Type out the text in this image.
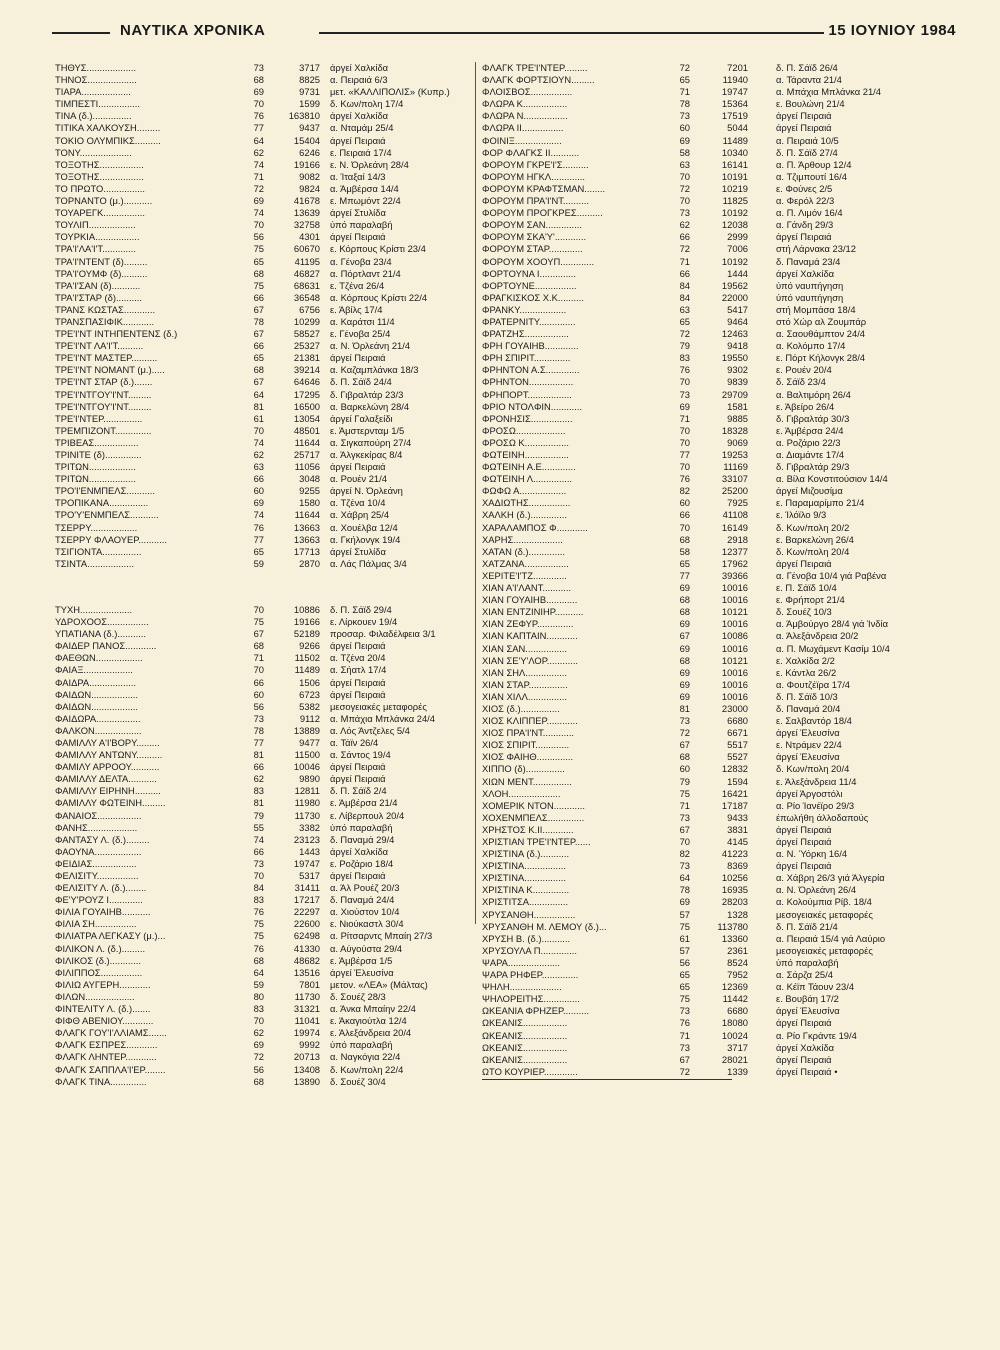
ΝΑΥΤΙΚΑ ΧΡΟΝΙΚΑ	15 ΙΟΥΝΙΟΥ 1984
ΤΗΘΥΣ...................	73	3717	άργεί Χαλκίδα
ΤΗΝΟΣ...................	68	8825	α. Πειραιά 6/3
ΤΙΑΡΑ...................	69	9731	μετ. «ΚΑΛΛΙΠΟΛΙΣ» (Κυπρ.)
ΤΙΜΠΕΣΤΙ................	70	1599	δ. Κων/πολη 17/4
ΤΙΝΑ (δ.)...............	76	163810	άργεί Χαλκίδα
ΤΙΤΙΚΑ ΧΑΛΚΟΥΣΗ.........	77	9437	α. Νταμάμ 25/4
ΤΟΚΙΟ ΟΛΥΜΠΙΚΣ..........	64	15404	άργεί Πειραιά
ΤΟΝΥ....................	62	6246	ε. Πειραιά 17/4
ΤΟΞΟΤΗΣ.................	74	19166	ε. Ν. Όρλεάνη 28/4
ΤΟΞΟΤΗΣ.................	71	9082	α. Ίταξαί 14/3
ΤΟ ΠΡΩΤΟ................	72	9824	α. Άμβέρσα 14/4
ΤΟΡΝΑΝΤΟ (μ.)...........	69	41678	ε. Μπωμόντ 22/4
ΤΟΥΑΡΕΓΚ................	74	13639	άργεί Στυλίδα
ΤΟΥΛΙΠ..................	70	32758	ύπό παραλαβή
ΤΟΥΡΚΙΑ.................	56	4301	άργεί Πειραιά
ΤΡΑ'Ι'ΛΑ'Ι'Τ.............	75	60670	ε. Κόρπους Κρίστι 23/4
ΤΡΑ'Ι'ΝΤΕΝΤ (δ).........	65	41195	α. Γένοβα 23/4
ΤΡΑ'Ι'ΟΥΜΦ (δ)..........	68	46827	α. Πόρτλαντ 21/4
ΤΡΑ'Ι'ΣΑΝ (δ)...........	75	68631	ε. Τζένα 26/4
ΤΡΑ'Ι'ΣΤΑΡ (δ)..........	66	36548	α. Κόρπους Κρίστι 22/4
ΤΡΑΝΣ ΚΩΣΤΑΣ............	67	6756	ε. Άβίλς 17/4
ΤΡΑΝΣΠΑΣΙΦΙΚ............	78	10299	α. Καράτσι 11/4
ΤΡΕ'Ι'ΝΤ ΙΝΤΗΠΕΝΤΕΝΣ (δ.)	67	58527	ε. Γένοβα 25/4
ΤΡΕ'Ι'ΝΤ ΛΑ'Ι'Τ..........	66	25327	α. Ν. Όρλεάνη 21/4
ΤΡΕ'Ι'ΝΤ ΜΑΣΤΕΡ..........	65	21381	άργεί Πειραιά
ΤΡΕ'Ι'ΝΤ ΝΟΜΑΝΤ (μ.).....	68	39214	α. Καζαμπλάνκα 18/3
ΤΡΕ'Ι'ΝΤ ΣΤΑΡ (δ.).......	67	64646	δ. Π. Σάϊδ 24/4
ΤΡΕ'Ι'ΝΤΓΟΥ'Ι'ΝΤ.........	64	17295	δ. Γιβραλτάρ 23/3
ΤΡΕ'Ι'ΝΤΓΟΥ'Ι'ΝΤ.........	81	16500	α. Βαρκελώνη 28/4
ΤΡΕ'Ι'ΝΤΕΡ...............	61	13054	άργεί Γαλαξείδι
ΤΡΕΜΠΙΖΟΝΤ..............	70	48501	ε. Άμστερνταμ 1/5
ΤΡΙΒΕΑΣ.................	74	11644	α. Σιγκαπούρη 27/4
ΤΡΙΝΙΤΕ (δ)..............	62	25717	α. Άλγκεκίρας 8/4
ΤΡΙΤΩΝ..................	63	11056	άργεί Πειραιά
ΤΡΙΤΩΝ..................	66	3048	α. Ρουέν 21/4
ΤΡΟ'Ι'ΕΝΜΠΕΛΣ...........	60	9255	άργεί Ν. Όρλεάνη
ΤΡΟΠΙΚΑΝΑ...............	69	1580	α. Τζένα 10/4
ΤΡΟ'Υ'ΕΝΜΠΕΛΣ...........	74	11644	α. Χάβρη 25/4
ΤΣΕΡΡΥ..................	76	13663	α. Χουέλβα 12/4
ΤΣΕΡΡΥ ΦΛΑΟΥΕΡ...........	77	13663	α. Γκήλονγκ 19/4
ΤΣΙΓΙΟΝΤΑ...............	65	17713	άργεί Στυλίδα
ΤΣΙΝΤΑ..................	59	2870	α. Λάς Πάλμας 3/4
ΤΥΧΗ....................	70	10886	δ. Π. Σάϊδ 29/4
ΥΔΡΟΧΟΟΣ................	75	19166	ε. Λίρκουεν 19/4
ΥΠΑΤΙΑΝΑ (δ.)...........	67	52189	προσαρ. Φιλαδέλφεια 3/1
ΦΑΙΔΕΡ ΠΑΝΟΣ............	68	9266	άργεί Πειραιά
ΦΑΕΘΩΝ..................	71	11502	α. Τζένα 20/4
ΦΑΙΑΞ...................	70	11489	α. Σήατλ 17/4
ΦΑΙΔΡΑ..................	66	1506	άργεί Πειραιά
ΦΑΙΔΩΝ..................	60	6723	άργεί Πειραιά
ΦΑΙΔΩΝ..................	56	5382	μεσογειακές μεταφορές
ΦΑΙΔΩΡΑ.................	73	9112	α. Μπάχια Μπλάνκα 24/4
ΦΑΛΚΟΝ..................	78	13889	α. Λός Άντζελες 5/4
ΦΑΜΙΛΛΥ Α'Ι'ΒΟΡΥ.........	77	9477	α. Τάϊν 26/4
ΦΑΜΙΛΛΥ ΑΝΤΩΝΥ..........	81	11500	α. Σάντος 19/4
ΦΑΜΙΛΥ ΑΡΡΟΟΥ...........	66	10046	άργεί Πειραιά
ΦΑΜΙΛΛΥ ΔΕΛΤΑ...........	62	9890	άργεί Πειραιά
ΦΑΜΙΛΛΥ ΕΙΡΗΝΗ..........	83	12811	δ. Π. Σάϊδ 2/4
ΦΑΜΙΛΛΥ ΦΩΤΕΙΝΗ.........	81	11980	ε. Άμβέρσα 21/4
ΦΑΝΑΙΟΣ.................	79	11730	ε. Λίβερπουλ 20/4
ΦΑΝΗΣ...................	55	3382	ύπό παραλαβή
ΦΑΝΤΑΣΥ Λ. (δ.).........	74	23123	δ. Παναμά 29/4
ΦΑΟΥΝΑ..................	66	1443	άργεί Χαλκίδα
ΦΕΙΔΙΑΣ.................	73	19747	ε. Ροζάριο 18/4
ΦΕΛΙΣΙΤΥ................	70	5317	άργεί Πειραιά
ΦΕΛΙΣΙΤΥ Λ. (δ.)........	84	31411	α. Άλ Ρουέζ 20/3
ΦΕ'Υ'ΡΟΥΖ Ι.............	83	17217	δ. Παναμά 24/4
ΦΙΛΙΑ ΓΟΥΑΙΗΒ...........	76	22297	α. Χιούστον 10/4
ΦΙΛΙΑ ΣΗ................	75	22600	ε. Νιούκαστλ 30/4
ΦΙΛΙΑΤΡΑ ΛΕΓΚΑΣΥ (μ.)...	75	62498	α. Ρίτσαρντς Μπαίη 27/3
ΦΙΛΙΚΟΝ Λ. (δ.).........	76	41330	α. Αύγούστα 29/4
ΦΙΛΙΚΟΣ (δ.)............	68	48682	ε. Άμβέρσα 1/5
ΦΙΛΙΠΠΟΣ................	64	13516	άργεί Έλευσίνα
ΦΙΛΙΩ ΑΥΓΕΡΗ............	59	7801	μετον. «ΛΕΑ» (Μάλτας)
ΦΙΛΩΝ...................	80	11730	δ. Σουέζ 28/3
ΦΙΝΤΕΛΙΤΥ Λ. (δ.).......	83	31321	α. Άνκα Μπαίην 22/4
ΦΙΦΘ ΑΒΕΝΙΟΥ............	70	11041	ε. Άκαγιούτλα 12/4
ΦΛΑΓΚ ΓΟΥ'Ι'ΛΛΙΑΜΣ.......	62	19974	ε. Άλεξάνδρεια 20/4
ΦΛΑΓΚ ΕΣΠΡΕΣ............	69	9992	ύπό παραλαβή
ΦΛΑΓΚ ΛΗΝΤΕΡ............	72	20713	α. Ναγκόγια 22/4
ΦΛΑΓΚ ΣΑΠΠΛΑ'Ι'ΕΡ........	56	13408	δ. Κων/πολη 22/4
ΦΛΑΓΚ ΤΙΝΑ..............	68	13890	δ. Σουέζ 30/4
ΦΛΑΓΚ ΤΡΕ'Ι'ΝΤΕΡ.........	72	7201	δ. Π. Σάϊδ 26/4
ΦΛΑΓΚ ΦΟΡΤΣΙΟΥΝ.........	65	11940	α. Τάραντα 21/4
ΦΛΟΙΣΒΟΣ................	71	19747	α. Μπάχια Μπλάνκα 21/4
ΦΛΩΡΑ Κ.................	78	15364	ε. Βουλώνη 21/4
ΦΛΩΡΑ Ν.................	73	17519	άργεί Πειραιά
ΦΛΩΡΑ ΙΙ................	60	5044	άργεί Πειραιά
ΦΟΙΝΙΞ..................	69	11489	α. Πειραιά 10/5
ΦΟΡ ΦΛΑΓΚΣ ΙΙ...........	58	10340	δ. Π. Σάϊδ 27/4
ΦΟΡΟΥΜ ΓΚΡΕ'Ι'Σ..........	63	16141	α. Π. Άρθουρ 12/4
ΦΟΡΟΥΜ ΗΓΚΛ.............	70	10191	α. Τζιμπουτί 16/4
ΦΟΡΟΥΜ ΚΡΑΦΤΣΜΑΝ........	72	10219	ε. Φούνες 2/5
ΦΟΡΟΥΜ ΠΡΑ'Ι'ΝΤ..........	70	11825	α. Φερόλ 22/3
ΦΟΡΟΥΜ ΠΡΟΓΚΡΕΣ..........	73	10192	α. Π. Λιμόν 16/4
ΦΟΡΟΥΜ ΣΑΝ..............	62	12038	α. Γάνδη 29/3
ΦΟΡΟΥΜ ΣΚΑ'Υ'............	66	2999	άργεί Πειραιά
ΦΟΡΟΥΜ ΣΤΑΡ.............	72	7006	στή Λάρνακα 23/12
ΦΟΡΟΥΜ ΧΟΟΥΠ.............	71	10192	δ. Παναμά 23/4
ΦΟΡΤΟΥΝΑ Ι..............	66	1444	άργεί Χαλκίδα
ΦΟΡΤΟΥΝΕ................	84	19562	ύπό ναυπήγηση
ΦΡΑΓΚΙΣΚΟΣ Χ.Κ..........	84	22000	ύπό ναυπήγηση
ΦΡΑΝΚΥ..................	63	5417	στή Μομπάσα 18/4
ΦΡΑΤΕΡΝΙΤΥ..............	65	9464	στό Χώρ αλ Ζουμπάρ
ΦΡΑΤΖΗΣ.................	72	12463	α. Σαουθάμπτον 24/4
ΦΡΗ ΓΟΥΑΙΗΒ.............	79	9418	α. Κολόμπο 17/4
ΦΡΗ ΣΠΙΡΙΤ..............	83	19550	ε. Πόρτ Κήλονγκ 28/4
ΦΡΗΝΤΟΝ Α.Σ.............	76	9302	ε. Ρουέν 20/4
ΦΡΗΝΤΟΝ.................	70	9839	δ. Σάϊδ 23/4
ΦΡΗΠΟΡΤ.................	73	29709	α. Βαλτιμόρη 26/4
ΦΡΙΟ ΝΤΟΛΦΙΝ............	69	1581	ε. Άβείρο 26/4
ΦΡΟΝΗΣΙΣ................	71	9885	δ. Γιβραλτάρ 30/3
ΦΡΟΣΩ...................	70	18328	ε. Άμβέρσα 24/4
ΦΡΟΣΩ Κ.................	70	9069	α. Ροζάριο 22/3
ΦΩΤΕΙΝΗ.................	77	19253	α. Διαμάντε 17/4
ΦΩΤΕΙΝΗ Α.Ε.............	70	11169	δ. Γιβραλτάρ 29/3
ΦΩΤΕΙΝΗ Λ...............	76	33107	α. Βίλα Κονστιτούσιον 14/4
ΦΩΦΩ Α..................	82	25200	άργεί Μιζουσίμα
ΧΑΔΙΩΤΗΣ................	60	7925	ε. Παραμαρίμπο 21/4
ΧΑΛΚΗ (δ.)..............	66	41108	ε. Ίλόϊλο 9/3
ΧΑΡΑΛΑΜΠΟΣ Φ............	70	16149	δ. Κων/πολη 20/2
ΧΑΡΗΣ...................	68	2918	ε. Βαρκελώνη 26/4
ΧΑΤΑΝ (δ.)..............	58	12377	δ. Κων/πολη 20/4
ΧΑΤΖΑΝΑ.................	65	17962	άργεί Πειραιά
ΧΕΡΙΤΕ'Ι'ΤΖ.............	77	39366	α. Γένοβα 10/4 γιά Ραβένα
ΧΙΑΝ Α'Ι'ΛΑΝΤ...........	69	10016	ε. Π. Σάϊδ 10/4
ΧΙΑΝ ΓΟΥΑΙΗΒ............	68	10016	ε. Φρήπορτ 21/4
ΧΙΑΝ ΕΝΤΖΙΝΙΗΡ...........	68	10121	δ. Σουέζ 10/3
ΧΙΑΝ ΖΕΦΥΡ..............	69	10016	α. Άμβούργο 28/4 γιά Ίνδία
ΧΙΑΝ ΚΑΠΤΑΙΝ............	67	10086	α. Άλεξάνδρεια 20/2
ΧΙΑΝ ΣΑΝ................	69	10016	α. Π. Μωχάμεντ Κασίμ 10/4
ΧΙΑΝ ΣΕ'Υ'ΛΟΡ............	68	10121	ε. Χαλκίδα 2/2
ΧΙΑΝ ΣΗΛ................	69	10016	ε. Κάντλα 26/2
ΧΙΑΝ ΣΤΑΡ...............	69	10016	α. Φουτζέϊρα 17/4
ΧΙΑΝ ΧΙΛΛ...............	69	10016	δ. Π. Σάϊδ 10/3
ΧΙΟΣ (δ.)...............	81	23000	δ. Παναμά 20/4
ΧΙΟΣ ΚΛΙΠΠΕΡ............	73	6680	ε. Σαλβαντόρ 18/4
ΧΙΟΣ ΠΡΑ'Ι'ΝΤ............	72	6671	άργεί Έλευσίνα
ΧΙΟΣ ΣΠΙΡΙΤ.............	67	5517	ε. Ντράμεν 22/4
ΧΙΟΣ ΦΑΙΗΘ..............	68	5527	άργεί Έλευσίνα
ΧΙΠΠΟ (δ)...............	60	12832	δ. Κων/πολη 20/4
ΧΙΩΝ ΜΕΝΤ...............	79	1594	ε. Άλεξάνδρεια 11/4
ΧΛΟΗ....................	75	16421	άργεί Άργοστόλι
ΧΟΜΕΡΙΚ ΝΤΟΝ............	71	17187	α. Ρίο Ίανέϊρο 29/3
ΧΟΧΕΝΜΠΕΛΣ..............	73	9433	έπωλήθη άλλοδαπούς
ΧΡΗΣΤΟΣ Κ.ΙΙ............	67	3831	άργεί Πειραιά
ΧΡΙΣΤΙΑΝ ΤΡΕ'Ι'ΝΤΕΡ......	70	4145	άργεί Πειραιά
ΧΡΙΣΤΙΝΑ (δ.)...........	82	41223	α. Ν. Ύόρκη 16/4
ΧΡΙΣΤΙΝΑ................	73	8369	άργεί Πειραιά
ΧΡΙΣΤΙΝΑ................	64	10256	α. Χάβρη 26/3 γιά Άλγερία
ΧΡΙΣΤΙΝΑ Κ..............	78	16935	α. Ν. Όρλεάνη 26/4
ΧΡΙΣΤΙΤΣΑ...............	69	28203	α. Κολούμπια Ρίβ. 18/4
ΧΡΥΣΑΝΘΗ................	57	1328	μεσογειακές μεταφορές
ΧΡΥΣΑΝΘΗ Μ. ΛΕΜΟΥ (δ.)...	75	113780	δ. Π. Σάϊδ 21/4
ΧΡΥΣΗ Β. (δ.)...........	61	13360	α. Πειραιά 15/4 γιά Λαύριο
ΧΡΥΣΟΥΛΑ Π..............	57	2361	μεσογειακές μεταφορές
ΨΑΡΑ....................	56	8524	ύπό παραλαβή
ΨΑΡΑ ΡΗΦΕΡ..............	65	7952	α. Σάρζα 25/4
ΨΗΛΗ....................	65	12369	α. Κέϊπ Τάουν 23/4
ΨΗΛΟΡΕΙΤΗΣ..............	75	11442	ε. Βουβάη 17/2
ΩΚΕΑΝΙΑ ΦΡΗΖΕΡ..........	73	6680	άργεί Έλευσίνα
ΩΚΕΑΝΙΣ.................	76	18080	άργεί Πειραιά
ΩΚΕΑΝΙΣ.................	71	10024	α. Ρίο Γκράντε 19/4
ΩΚΕΑΝΙΣ.................	73	3717	άργεί Χαλκίδα
ΩΚΕΑΝΙΣ.................	67	28021	άργεί Πειραιά
ΩΤΟ ΚΟΥΡΙΕΡ.............	72	1339	άργεί Πειραιά •
